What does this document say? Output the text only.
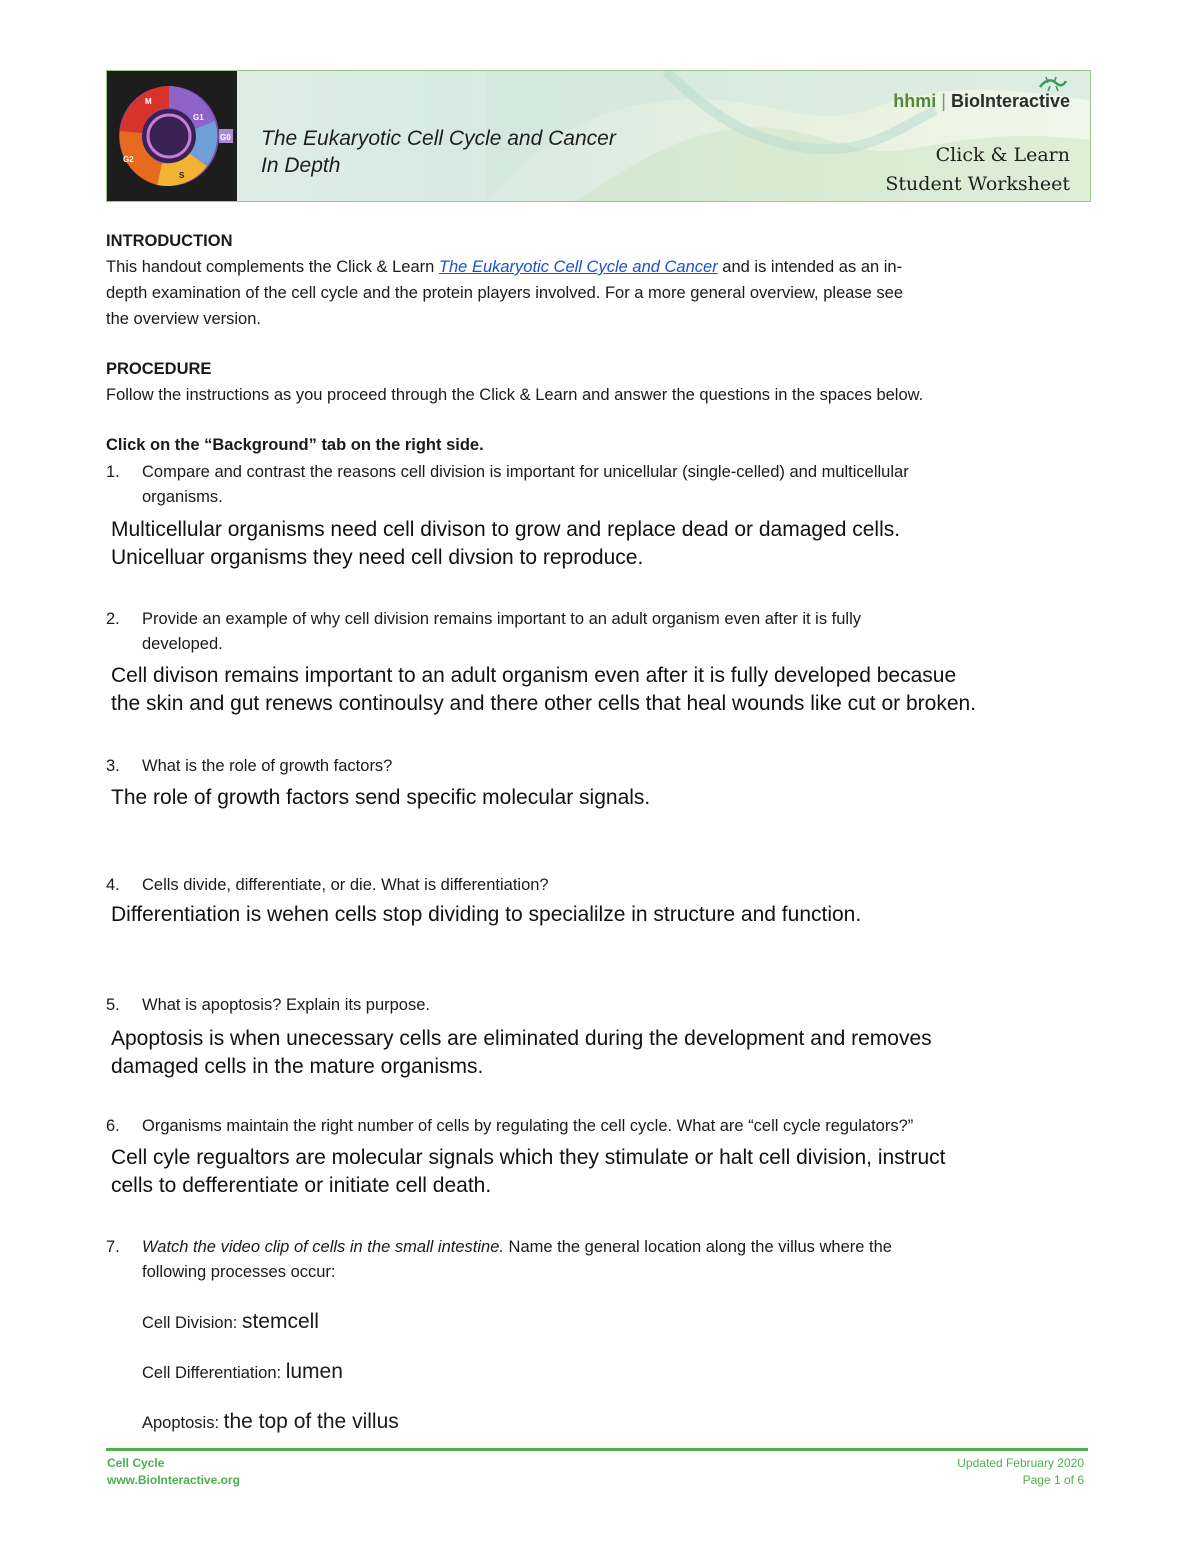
M
G1
G0
S
G2
The Eukaryotic Cell Cycle and Cancer
In Depth
hhmi | BioInteractive
Click & Learn
Student Worksheet
INTRODUCTION
This handout complements the Click & Learn The Eukaryotic Cell Cycle and Cancer and is intended as an in-
depth examination of the cell cycle and the protein players involved. For a more general overview, please see
the overview version.
PROCEDURE
Follow the instructions as you proceed through the Click & Learn and answer the questions in the spaces below.
Click on the “Background” tab on the right side.
1.	Compare and contrast the reasons cell division is important for unicellular (single-celled) and multicellular
organisms.
Multicellular organisms need cell divison to grow and replace dead or damaged cells.
Unicelluar organisms they need cell divsion to reproduce.
2.	Provide an example of why cell division remains important to an adult organism even after it is fully
developed.
Cell divison remains important to an adult organism even after it is fully developed becasue
the skin and gut renews continoulsy and there other cells that heal wounds like cut or broken.
3.	What is the role of growth factors?
The role of growth factors send specific molecular signals.
4.	Cells divide, differentiate, or die. What is differentiation?
Differentiation is wehen cells stop dividing to specialilze in structure and function.
5.	What is apoptosis? Explain its purpose.
Apoptosis is when unecessary cells are eliminated during the development and removes
damaged cells in the mature organisms.
6.	Organisms maintain the right number of cells by regulating the cell cycle. What are “cell cycle regulators?”
Cell cyle regualtors are molecular signals which they stimulate or halt cell division, instruct
cells to defferentiate or initiate cell death.
7.	Watch the video clip of cells in the small intestine. Name the general location along the villus where the
following processes occur:
Cell Division: stemcell
Cell Differentiation: lumen
Apoptosis: the top of the villus
Cell Cycle
www.BioInteractive.org
Updated February 2020
Page 1 of 6
